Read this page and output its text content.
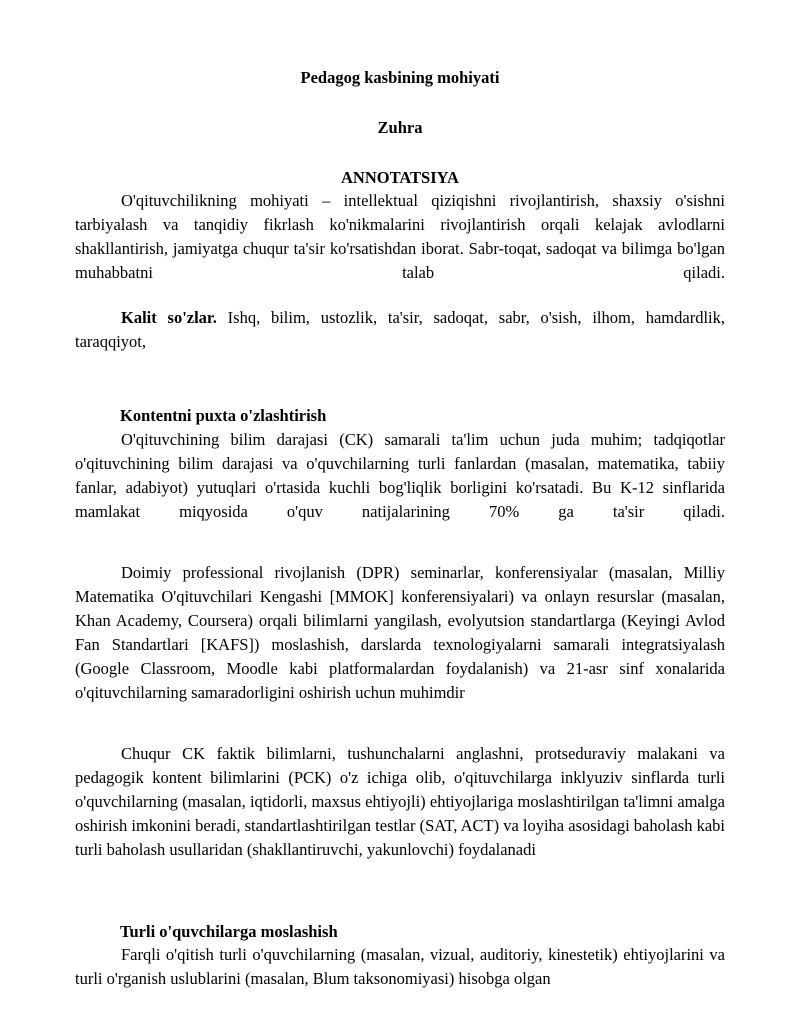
Pedagog kasbining mohiyati
Zuhra
ANNOTATSIYA

O'qituvchilikning mohiyati – intellektual qiziqishni rivojlantirish, shaxsiy o'sishni tarbiyalash va tanqidiy fikrlash ko'nikmalarini rivojlantirish orqali kelajak avlodlarni shakllantirish, jamiyatga chuqur ta'sir ko'rsatishdan iborat. Sabr-toqat, sadoqat va bilimga bo'lgan muhabbatni talab qiladi.

Kalit so'zlar. Ishq, bilim, ustozlik, ta'sir, sadoqat, sabr, o'sish, ilhom, hamdardlik, taraqqiyot,

Kontentni puxta o'zlashtirish

O'qituvchining bilim darajasi (CK) samarali ta'lim uchun juda muhim; tadqiqotlar o'qituvchining bilim darajasi va o'quvchilarning turli fanlardan (masalan, matematika, tabiiy fanlar, adabiyot) yutuqlari o'rtasida kuchli bog'liqlik borligini ko'rsatadi. Bu K-12 sinflarida mamlakat miqyosida o'quv natijalarining 70% ga ta'sir qiladi.

Doimiy professional rivojlanish (DPR) seminarlar, konferensiyalar (masalan, Milliy Matematika O'qituvchilari Kengashi [MMOK] konferensiyalari) va onlayn resurslar (masalan, Khan Academy, Coursera) orqali bilimlarni yangilash, evolyutsion standartlarga (Keyingi Avlod Fan Standartlari [KAFS]) moslashish, darslarda texnologiyalarni samarali integratsiyalash (Google Classroom, Moodle kabi platformalardan foydalanish) va 21-asr sinf xonalarida o'qituvchilarning samaradorligini oshirish uchun muhimdir

Chuqur CK faktik bilimlarni, tushunchalarni anglashni, protseduraviy malakani va pedagogik kontent bilimlarini (PCK) o'z ichiga olib, o'qituvchilarga inklyuziv sinflarda turli o'quvchilarning (masalan, iqtidorli, maxsus ehtiyojli) ehtiyojlariga moslashtirilgan ta'limni amalga oshirish imkonini beradi, standartlashtirilgan testlar (SAT, ACT) va loyiha asosidagi baholash kabi turli baholash usullaridan (shakllantiruvchi, yakunlovchi) foydalanadi

Turli o'quvchilarga moslashish

Farqli o'qitish turli o'quvchilarning (masalan, vizual, auditoriy, kinestetik) ehtiyojlarini va turli o'rganish uslublarini (masalan, Blum taksonomiyasi) hisobga olgan
